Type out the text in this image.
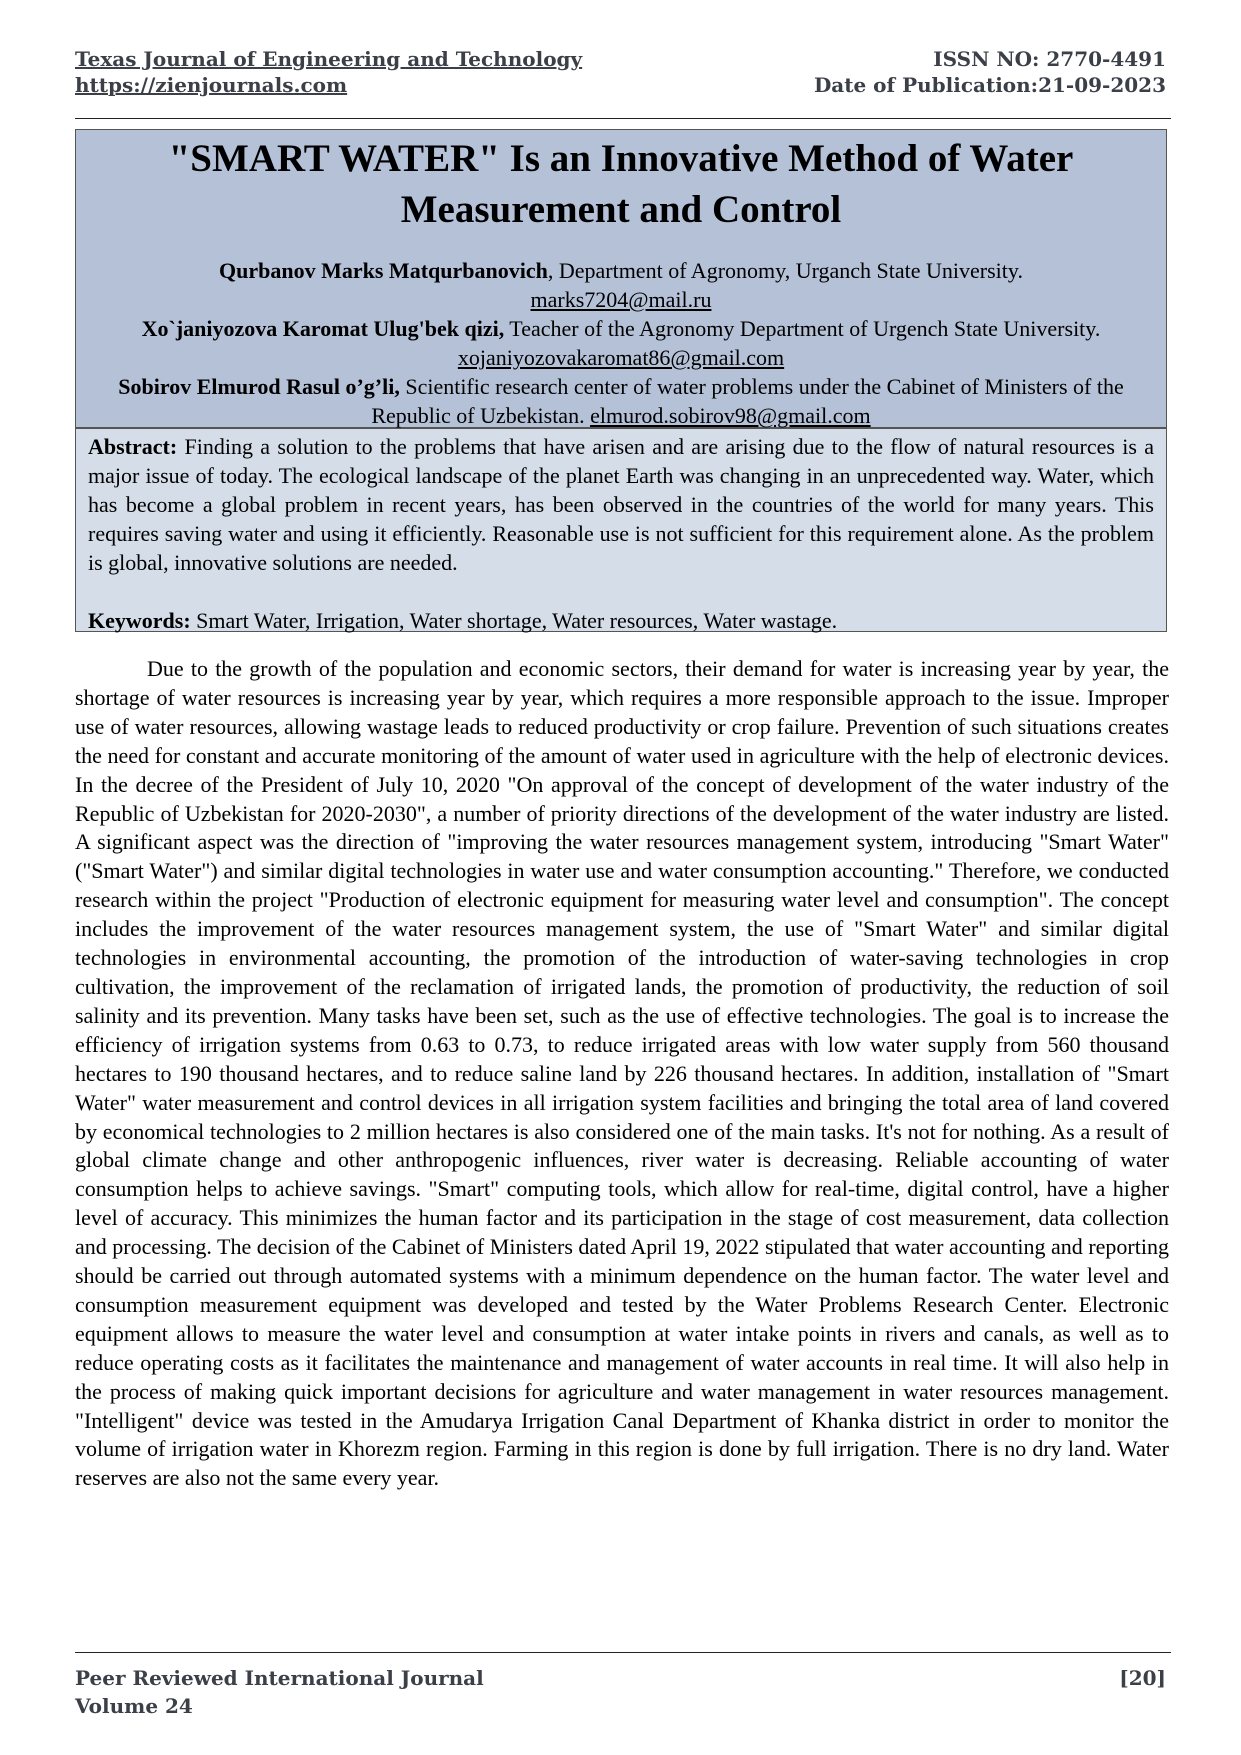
Texas Journal of Engineering and Technology
https://zienjournals.com
ISSN NO: 2770-4491
Date of Publication:21-09-2023
"SMART WATER" Is an Innovative Method of Water Measurement and Control
Qurbanov Marks Matqurbanovich, Department of Agronomy, Urganch State University.
marks7204@mail.ru
Xo`janiyozova Karomat Ulug'bek qizi, Teacher of the Agronomy Department of Urgench State University. xojaniyozovakaromat86@gmail.com
Sobirov Elmurod Rasul o’g’li, Scientific research center of water problems under the Cabinet of Ministers of the Republic of Uzbekistan. elmurod.sobirov98@gmail.com

Abstract: Finding a solution to the problems that have arisen and are arising due to the flow of natural resources is a major issue of today. The ecological landscape of the planet Earth was changing in an unprecedented way. Water, which has become a global problem in recent years, has been observed in the countries of the world for many years. This requires saving water and using it efficiently. Reasonable use is not sufficient for this requirement alone. As the problem is global, innovative solutions are needed.

Keywords: Smart Water, Irrigation, Water shortage, Water resources, Water wastage.

Due to the growth of the population and economic sectors, their demand for water is increasing year by year, the shortage of water resources is increasing year by year, which requires a more responsible approach to the issue. Improper use of water resources, allowing wastage leads to reduced productivity or crop failure. Prevention of such situations creates the need for constant and accurate monitoring of the amount of water used in agriculture with the help of electronic devices. In the decree of the President of July 10, 2020 "On approval of the concept of development of the water industry of the Republic of Uzbekistan for 2020-2030", a number of priority directions of the development of the water industry are listed. A significant aspect was the direction of "improving the water resources management system, introducing "Smart Water" ("Smart Water") and similar digital technologies in water use and water consumption accounting." Therefore, we conducted research within the project "Production of electronic equipment for measuring water level and consumption". The concept includes the improvement of the water resources management system, the use of "Smart Water" and similar digital technologies in environmental accounting, the promotion of the introduction of water-saving technologies in crop cultivation, the improvement of the reclamation of irrigated lands, the promotion of productivity, the reduction of soil salinity and its prevention. Many tasks have been set, such as the use of effective technologies. The goal is to increase the efficiency of irrigation systems from 0.63 to 0.73, to reduce irrigated areas with low water supply from 560 thousand hectares to 190 thousand hectares, and to reduce saline land by 226 thousand hectares. In addition, installation of "Smart Water" water measurement and control devices in all irrigation system facilities and bringing the total area of land covered by economical technologies to 2 million hectares is also considered one of the main tasks. It's not for nothing. As a result of global climate change and other anthropogenic influences, river water is decreasing. Reliable accounting of water consumption helps to achieve savings. "Smart" computing tools, which allow for real-time, digital control, have a higher level of accuracy. This minimizes the human factor and its participation in the stage of cost measurement, data collection and processing. The decision of the Cabinet of Ministers dated April 19, 2022 stipulated that water accounting and reporting should be carried out through automated systems with a minimum dependence on the human factor. The water level and consumption measurement equipment was developed and tested by the Water Problems Research Center. Electronic equipment allows to measure the water level and consumption at water intake points in rivers and canals, as well as to reduce operating costs as it facilitates the maintenance and management of water accounts in real time. It will also help in the process of making quick important decisions for agriculture and water management in water resources management. "Intelligent" device was tested in the Amudarya Irrigation Canal Department of Khanka district in order to monitor the volume of irrigation water in Khorezm region. Farming in this region is done by full irrigation. There is no dry land. Water reserves are also not the same every year.

Peer Reviewed International Journal
Volume 24
[20]
